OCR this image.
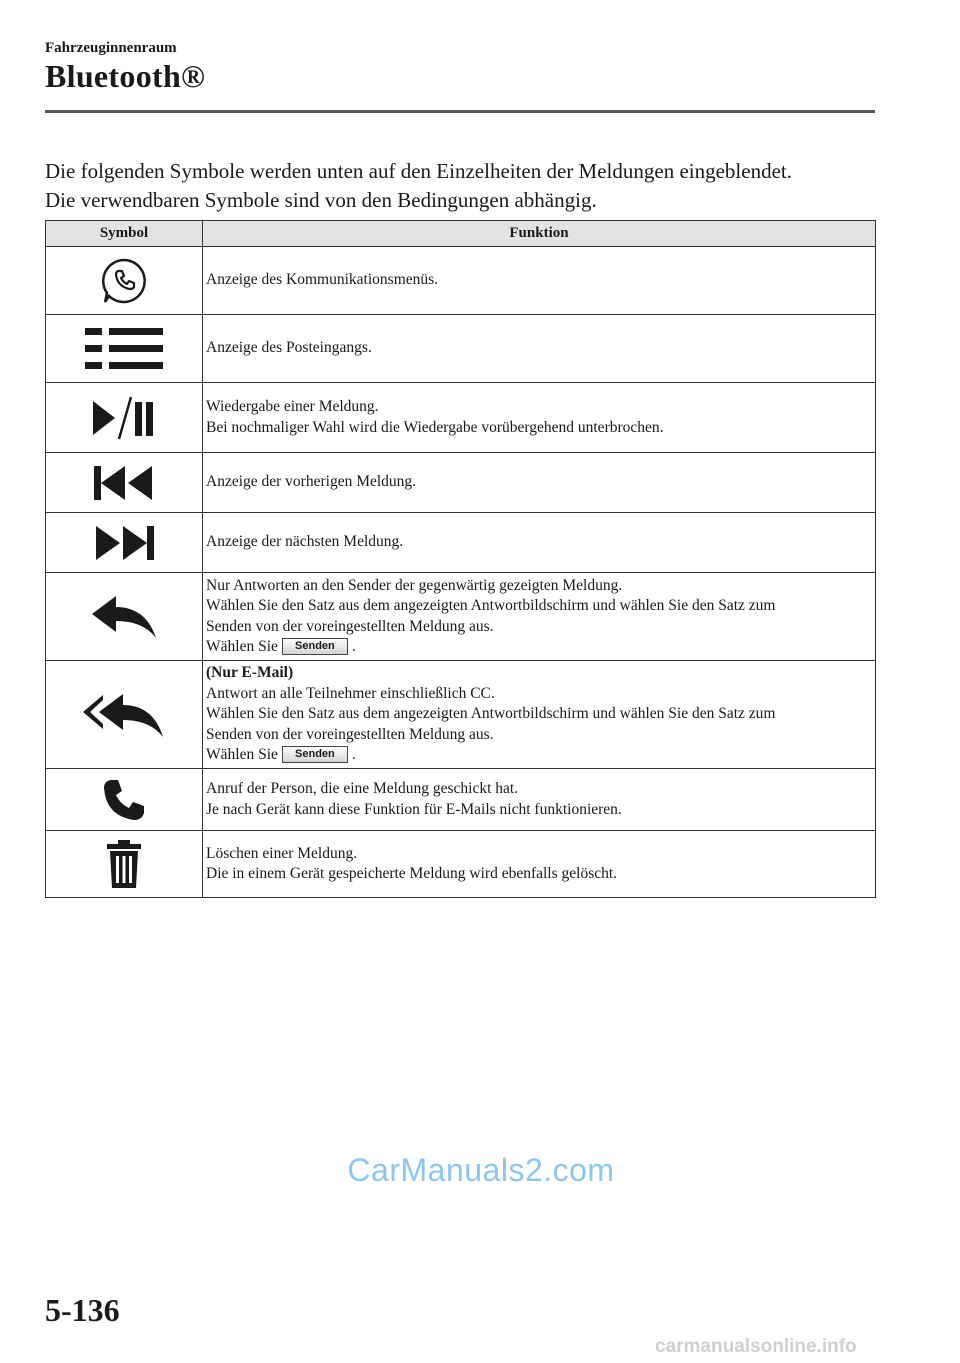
Fahrzeuginnenraum
Bluetooth®
Die folgenden Symbole werden unten auf den Einzelheiten der Meldungen eingeblendet.
Die verwendbaren Symbole sind von den Bedingungen abhängig.
Symbol	Funktion

Anzeige des Kommunikationsmenüs.

Anzeige des Posteingangs.

Wiedergabe einer Meldung.
Bei nochmaliger Wahl wird die Wiedergabe vorübergehend unterbrochen.

Anzeige der vorherigen Meldung.

Anzeige der nächsten Meldung.

Nur Antworten an den Sender der gegenwärtig gezeigten Meldung.
Wählen Sie den Satz aus dem angezeigten Antwortbildschirm und wählen Sie den Satz zum
Senden von der voreingestellten Meldung aus.
Wählen Sie Senden .

(Nur E-Mail)
Antwort an alle Teilnehmer einschließlich CC.
Wählen Sie den Satz aus dem angezeigten Antwortbildschirm und wählen Sie den Satz zum
Senden von der voreingestellten Meldung aus.
Wählen Sie Senden .

Anruf der Person, die eine Meldung geschickt hat.
Je nach Gerät kann diese Funktion für E-Mails nicht funktionieren.

Löschen einer Meldung.
Die in einem Gerät gespeicherte Meldung wird ebenfalls gelöscht.
CarManuals2.com
5-136
carmanualsonline.info
